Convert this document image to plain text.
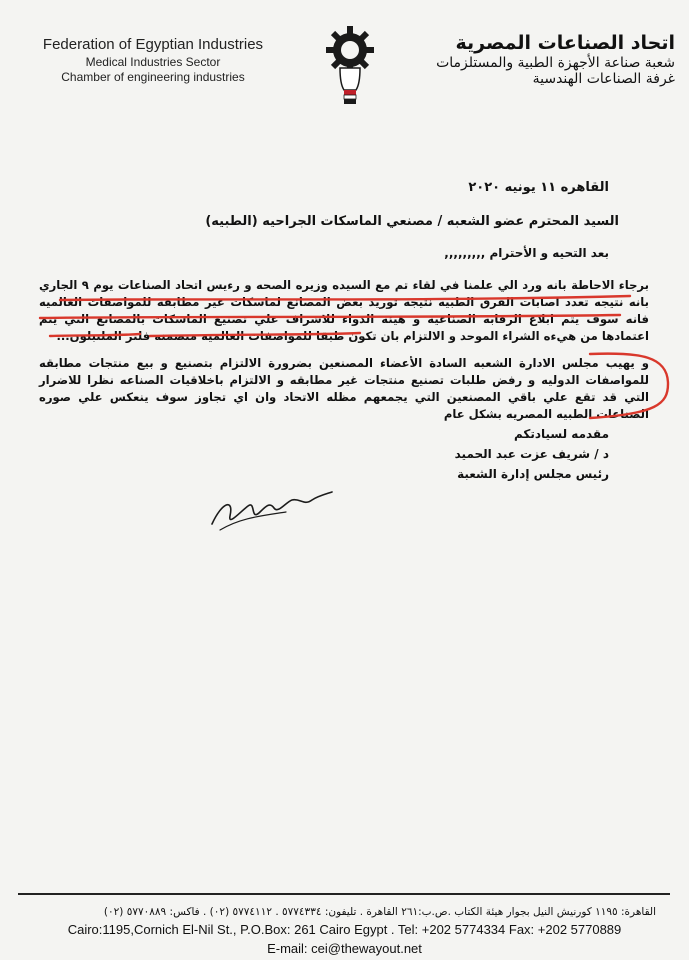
Federation of Egyptian Industries
Medical Industries Sector
Chamber of engineering industries
اتحاد الصناعات المصرية
شعبة صناعة الأجهزة الطبية والمستلزمات
غرفة الصناعات الهندسية
القاهره ١١ يونيه ٢٠٢٠
السيد المحترم عضو الشعبه / مصنعي الماسكات الجراحيه (الطبيه)
بعد التحيه و الأحترام ,,,,,,,,,
برجاء الاحاطة بانه ورد الي علمنا في لقاء تم مع السيده وزيره الصحه و رءيس اتحاد الصناعات يوم ٩ الجاري بانه نتيجه تعدد اصابات الفرق الطبيه نتيجه توريد بعض المصانع لماسكات غير مطابقه للمواصفات العالميه فانه سوف يتم ابلاغ الرقابه الصناعيه و هيئه الدواء للاشراف علي تصنيع الماسكات بالمصانع التي يتم اعتمادها من هيءه الشراء الموحد و الالتزام بان تكون طبقا للمواصفات العالميه متضمنه فلتر الملتبلون...
و يهيب مجلس الادارة الشعبه السادة الأعضاء المصنعين بضرورة الالتزام بتصنيع و بيع منتجات مطابقه للمواصفات الدوليه و رفض طلبات تصنيع منتجات غير مطابقه و الالتزام باخلاقيات الصناعه نظرا للاضرار التي قد تقع علي باقي المصنعين التي يجمعهم مظله الاتحاد وان اي تجاوز سوف ينعكس علي صوره الصناعات الطبيه المصريه بشكل عام
مقدمه لسيادتكم
د / شريف عزت عبد الحميد
رئيس مجلس إدارة الشعبة
القاهرة: ١١٩٥ كورنيش النيل بجوار هيئة الكتاب .ص.ب:٢٦١ القاهرة . تليفون: ٥٧٧٤٣٣٤ . ٥٧٧٤١١٢ (٠٢) . فاكس: ٥٧٧٠٨٨٩ (٠٢)
Cairo:1195,Cornich El-Nil St., P.O.Box: 261 Cairo Egypt . Tel: +202 5774334 Fax: +202 5770889
E-mail: cei@thewayout.net
